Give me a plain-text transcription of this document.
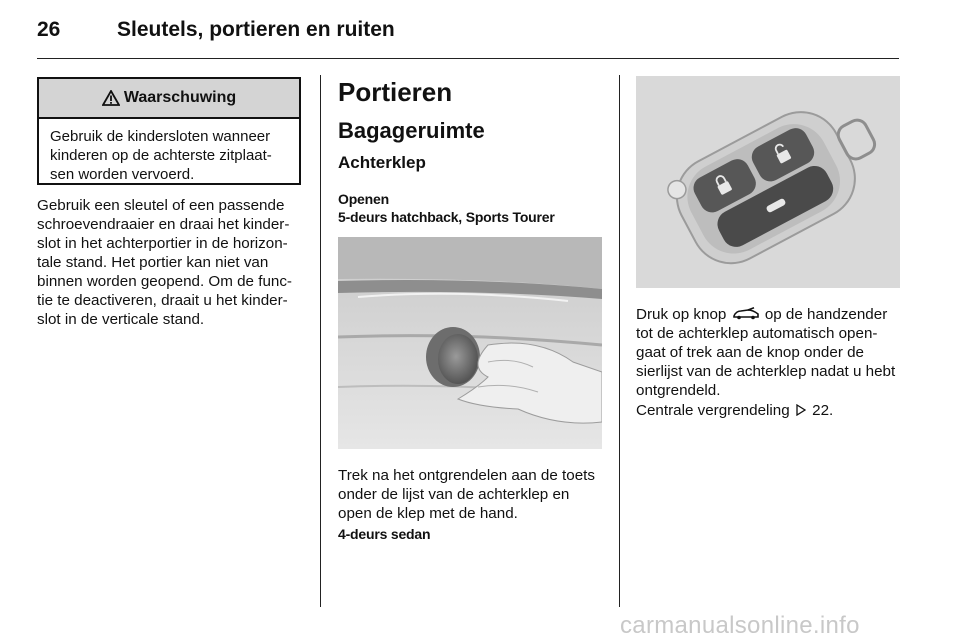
26	Sleutels, portieren en ruiten
Waarschuwing
Gebruik de kindersloten wanneer kinderen op de achterste zitplaat- sen worden vervoerd.
Gebruik een sleutel of een passende schroevendraaier en draai het kinder- slot in het achterportier in de horizon- tale stand. Het portier kan niet van binnen worden geopend. Om de func- tie te deactiveren, draait u het kinder- slot in de verticale stand.
Portieren
Bagageruimte
Achterklep
Openen
5-deurs hatchback, Sports Tourer
Trek na het ontgrendelen aan de toets onder de lijst van de achterklep en open de klep met de hand.
4-deurs sedan
Druk op knop	op de handzender tot de achterklep automatisch open- gaat of trek aan de knop onder de sierlijst van de achterklep nadat u hebt ontgrendeld.
Centrale vergrendeling 22.
carmanualsonline.info
